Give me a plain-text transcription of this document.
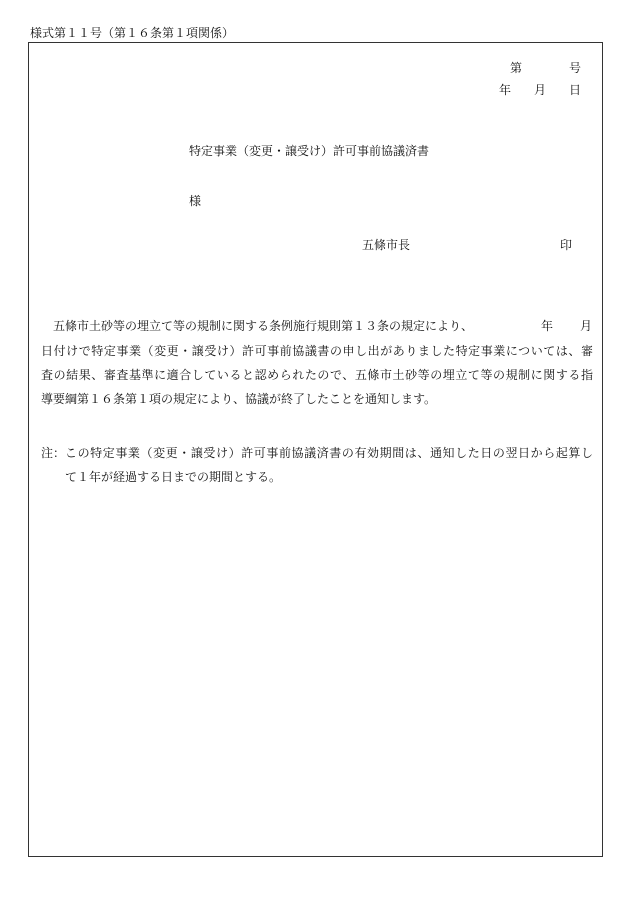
様式第１１号（第１６条第１項関係）
第	号
年 月 日
特定事業（変更・譲受け）許可事前協議済書
様
五條市長	印
五條市土砂等の埋立て等の規制に関する条例施行規則第１３条の規定により、	年 月
日付けで特定事業（変更・譲受け）許可事前協議書の申し出がありました特定事業については、審
査の結果、審査基準に適合していると認められたので、五條市土砂等の埋立て等の規制に関する指
導要綱第１６条第１項の規定により、協議が終了したことを通知します。
注： この特定事業（変更・譲受け）許可事前協議済書の有効期間は、通知した日の翌日から起算し
て１年が経過する日までの期間とする。
